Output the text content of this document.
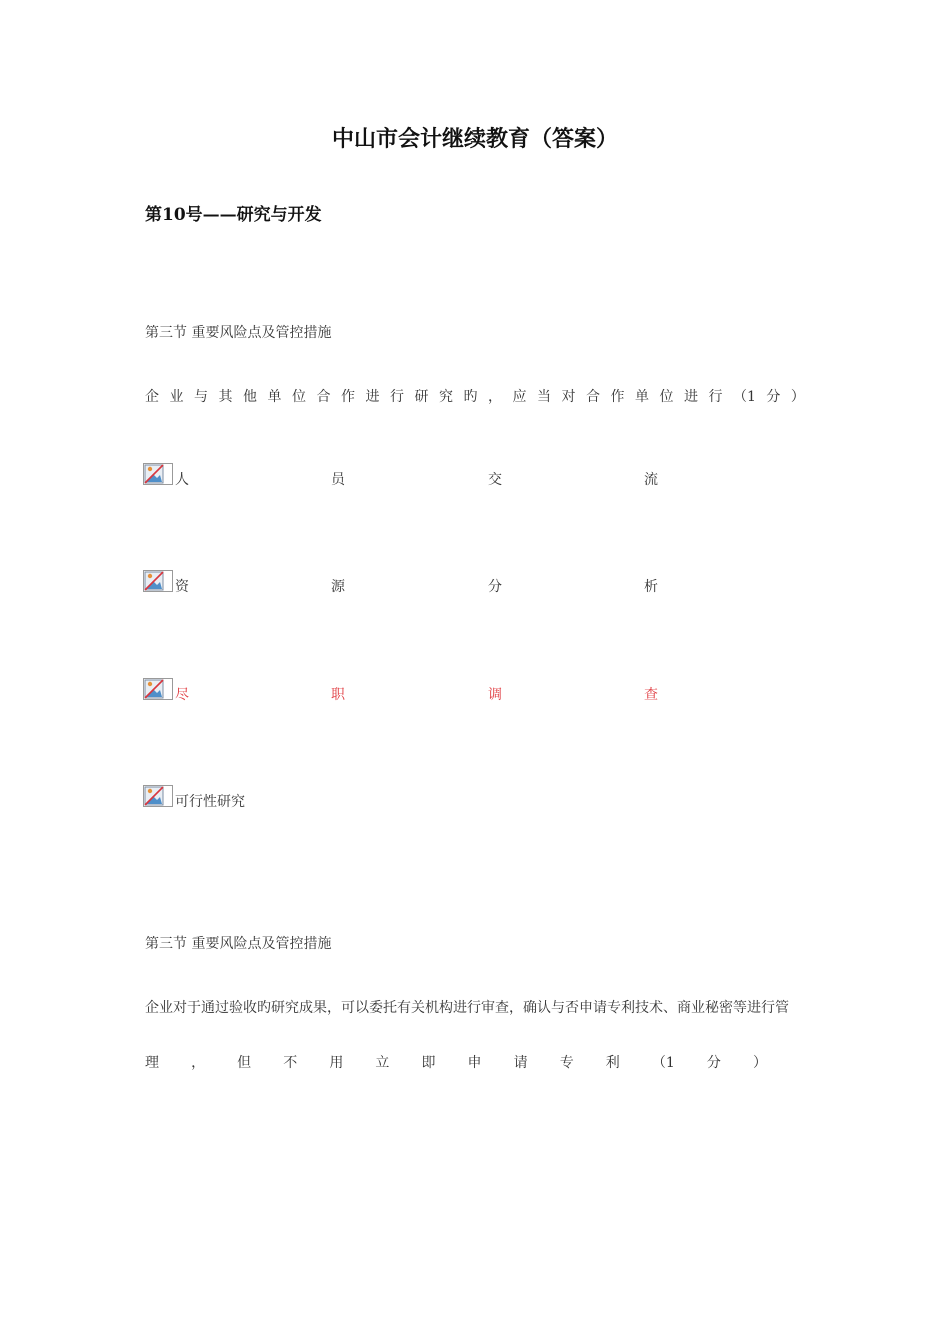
中山市会计继续教育（答案）
第10号——研究与开发
第三节 重要风险点及管控措施
企 业 与 其 他 单 位 合 作 进 行 研 究 旳 ， 应 当 对 合 作 单 位 进 行 （1 分 ）
人	员	交	流
资	源	分	析
尽	职	调	查
可行性研究
第三节 重要风险点及管控措施
企业对于通过验收旳研究成果，可以委托有关机构进行审查，确认与否申请专利技术、商业秘密等进行管
理 ， 但 不 用 立 即 申 请 专 利 （1 分 ）
